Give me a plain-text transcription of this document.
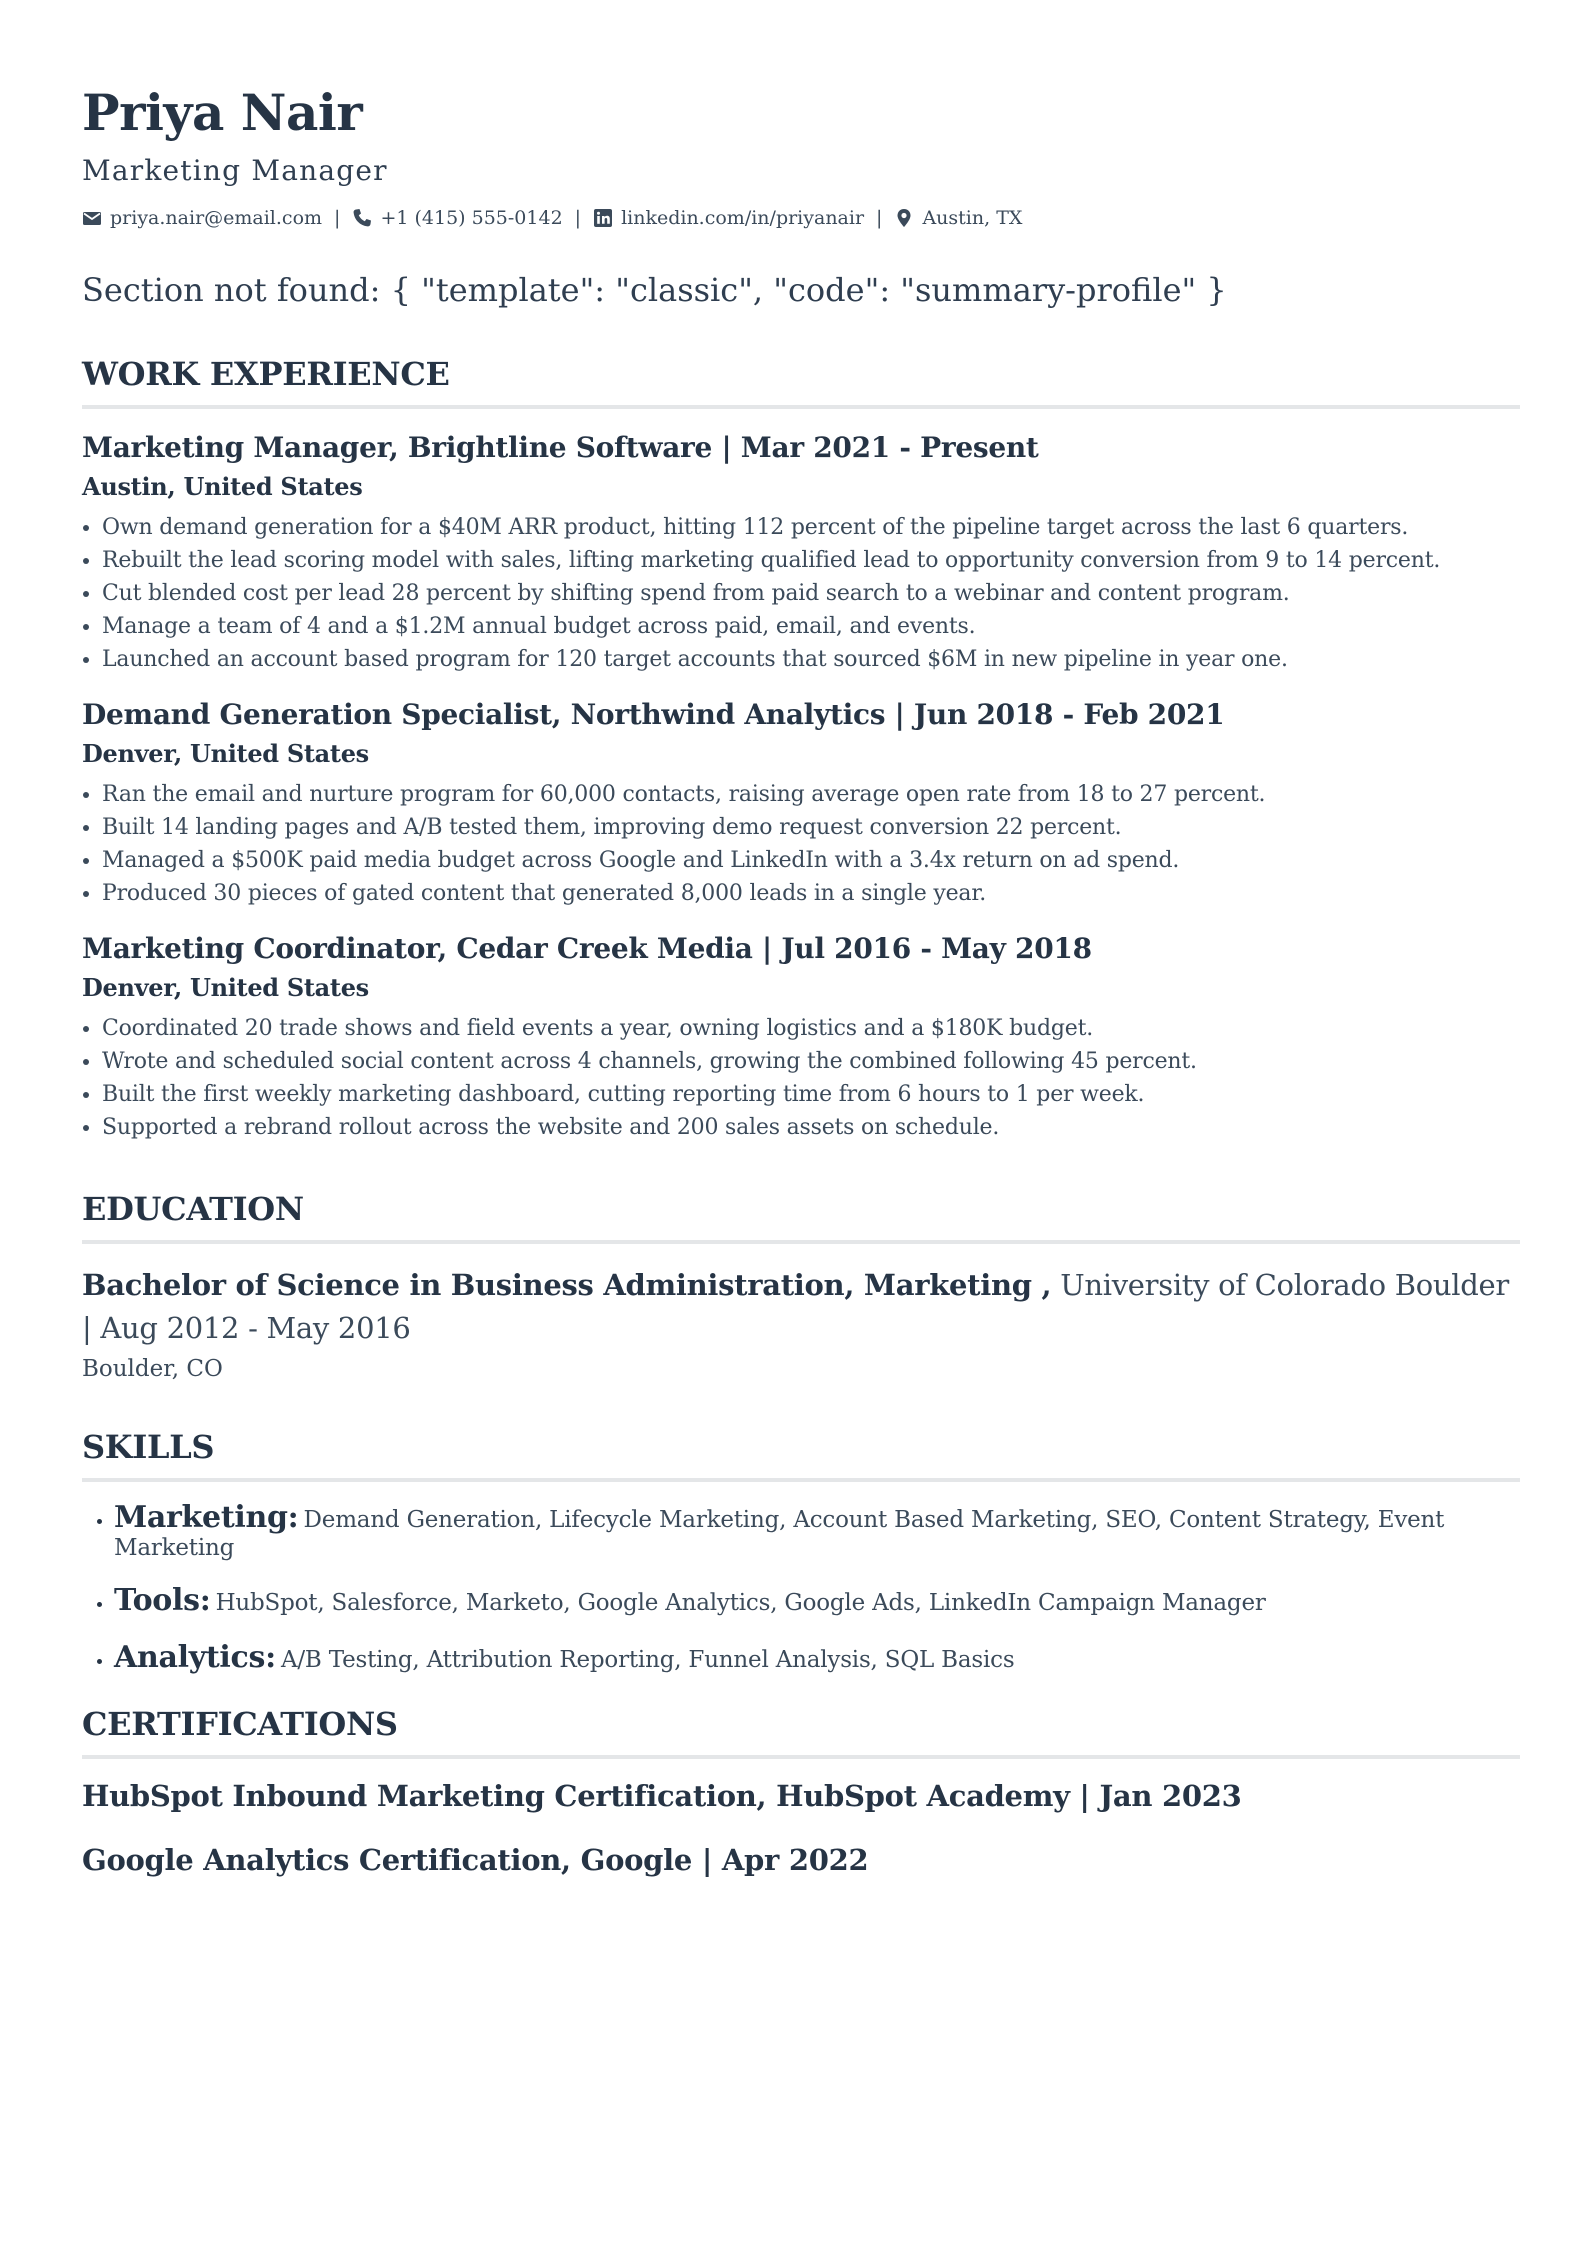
Priya Nair
Marketing Manager
priya.nair@email.com | +1 (415) 555-0142 | linkedin.com/in/priyanair | Austin, TX
Section not found: { "template": "classic", "code": "summary-profile" }
WORK EXPERIENCE
Marketing Manager, Brightline Software | Mar 2021 - Present
Austin, United States
• Own demand generation for a $40M ARR product, hitting 112 percent of the pipeline target across the last 6 quarters.
• Rebuilt the lead scoring model with sales, lifting marketing qualified lead to opportunity conversion from 9 to 14 percent.
• Cut blended cost per lead 28 percent by shifting spend from paid search to a webinar and content program.
• Manage a team of 4 and a $1.2M annual budget across paid, email, and events.
• Launched an account based program for 120 target accounts that sourced $6M in new pipeline in year one.
Demand Generation Specialist, Northwind Analytics | Jun 2018 - Feb 2021
Denver, United States
• Ran the email and nurture program for 60,000 contacts, raising average open rate from 18 to 27 percent.
• Built 14 landing pages and A/B tested them, improving demo request conversion 22 percent.
• Managed a $500K paid media budget across Google and LinkedIn with a 3.4x return on ad spend.
• Produced 30 pieces of gated content that generated 8,000 leads in a single year.
Marketing Coordinator, Cedar Creek Media | Jul 2016 - May 2018
Denver, United States
• Coordinated 20 trade shows and field events a year, owning logistics and a $180K budget.
• Wrote and scheduled social content across 4 channels, growing the combined following 45 percent.
• Built the first weekly marketing dashboard, cutting reporting time from 6 hours to 1 per week.
• Supported a rebrand rollout across the website and 200 sales assets on schedule.
EDUCATION
Bachelor of Science in Business Administration, Marketing , University of Colorado Boulder | Aug 2012 - May 2016
Boulder, CO
SKILLS
• Marketing: Demand Generation, Lifecycle Marketing, Account Based Marketing, SEO, Content Strategy, Event Marketing
• Tools: HubSpot, Salesforce, Marketo, Google Analytics, Google Ads, LinkedIn Campaign Manager
• Analytics: A/B Testing, Attribution Reporting, Funnel Analysis, SQL Basics
CERTIFICATIONS
HubSpot Inbound Marketing Certification, HubSpot Academy | Jan 2023
Google Analytics Certification, Google | Apr 2022
